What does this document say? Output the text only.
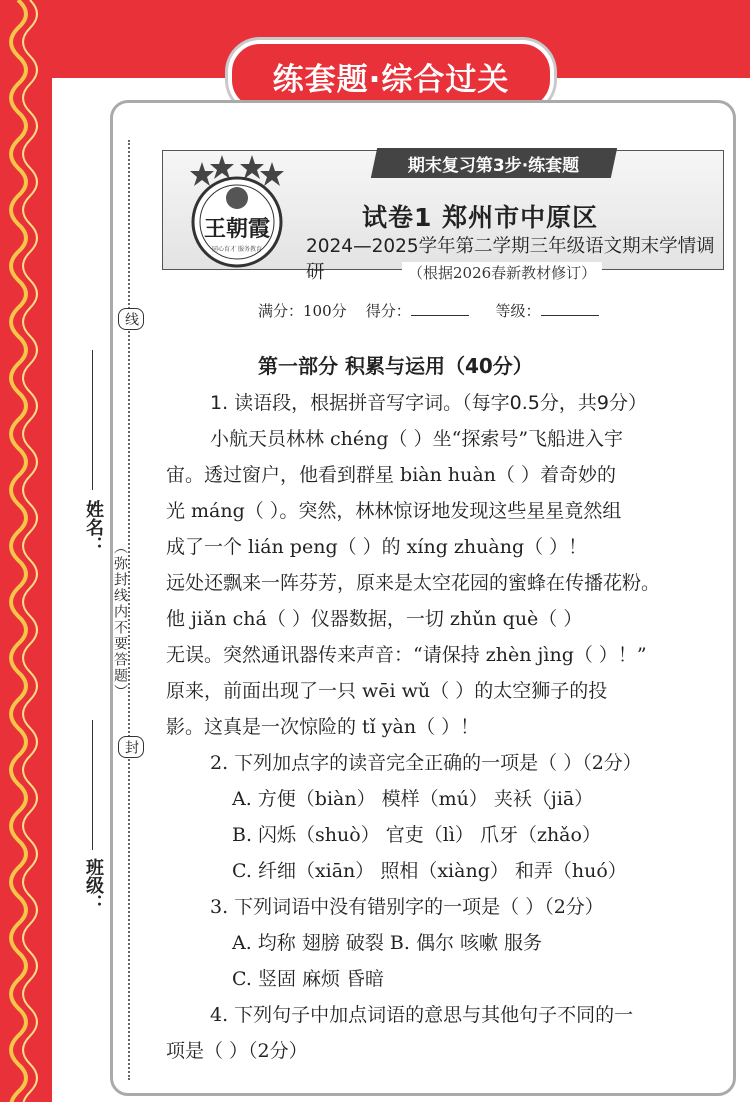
练套题·综合过关
线
封
（弥封线内不要答题）
姓名：
班级：
王朝霞
同心育才 服务教育
期末复习第3步·练套题
试卷1 郑州市中原区
2024—2025学年第二学期三年级语文期末学情调研	（根据2026春新教材修订）
满分：100分 得分：	等级：
第一部分 积累与运用（40分）
1. 读语段，根据拼音写字词。（每字0.5分，共9分）
小航天员林林 chéng（ ）坐“探索号”飞船进入宇
宙。透过窗户，他看到群星 biàn huàn（ ）着奇妙的
光 máng（ ）。突然，林林惊讶地发现这些星星竟然组
成了一个 lián peng（ ）的 xíng zhuàng（ ）！
远处还飘来一阵芬芳，原来是太空花园的蜜蜂在传播花粉。
他 jiǎn chá（ ）仪器数据，一切 zhǔn què（ ）
无误。突然通讯器传来声音：“请保持 zhèn jìng（ ）！”
原来，前面出现了一只 wēi wǔ（ ）的太空狮子的投
影。这真是一次惊险的 tǐ yàn（ ）！
2. 下列加点字的读音完全正确的一项是（ ）（2分）
A. 方便（biàn） 模样（mú） 夹袄（jiā）
B. 闪烁（shuò） 官吏（lì） 爪牙（zhǎo）
C. 纤细（xiān） 照相（xiàng） 和弄（huó）
3. 下列词语中没有错别字的一项是（ ）（2分）
A. 均称 翅膀 破裂 B. 偶尔 咳嗽 服务
C. 竖固 麻烦 昏暗
4. 下列句子中加点词语的意思与其他句子不同的一
项是（ ）（2分）
